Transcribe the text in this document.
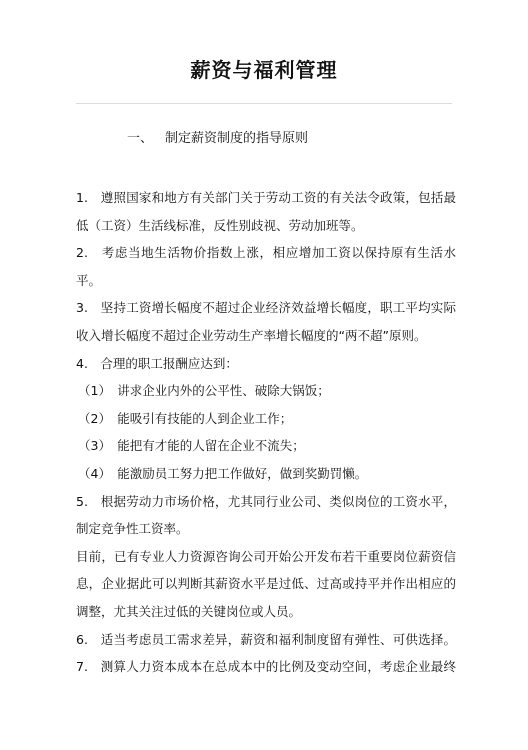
薪资与福利管理
一、 制定薪资制度的指导原则
1.　遵照国家和地方有关部门关于劳动工资的有关法令政策，包括最
低（工资）生活线标准，反性别歧视、劳动加班等。
2.　考虑当地生活物价指数上涨，相应增加工资以保持原有生活水
平。
3.　坚持工资增长幅度不超过企业经济效益增长幅度，职工平均实际
收入增长幅度不超过企业劳动生产率增长幅度的“两不超”原则。
4.　合理的职工报酬应达到：
（1）　讲求企业内外的公平性、破除大锅饭；
（2）　能吸引有技能的人到企业工作；
（3）　能把有才能的人留在企业不流失；
（4）　能激励员工努力把工作做好，做到奖勤罚懒。
5.　根据劳动力市场价格，尤其同行业公司、类似岗位的工资水平，
制定竞争性工资率。
目前，已有专业人力资源咨询公司开始公开发布若干重要岗位薪资信
息，企业据此可以判断其薪资水平是过低、过高或持平并作出相应的
调整，尤其关注过低的关键岗位或人员。
6.　适当考虑员工需求差异，薪资和福利制度留有弹性、可供选择。
7.　测算人力资本成本在总成本中的比例及变动空间，考虑企业最终
